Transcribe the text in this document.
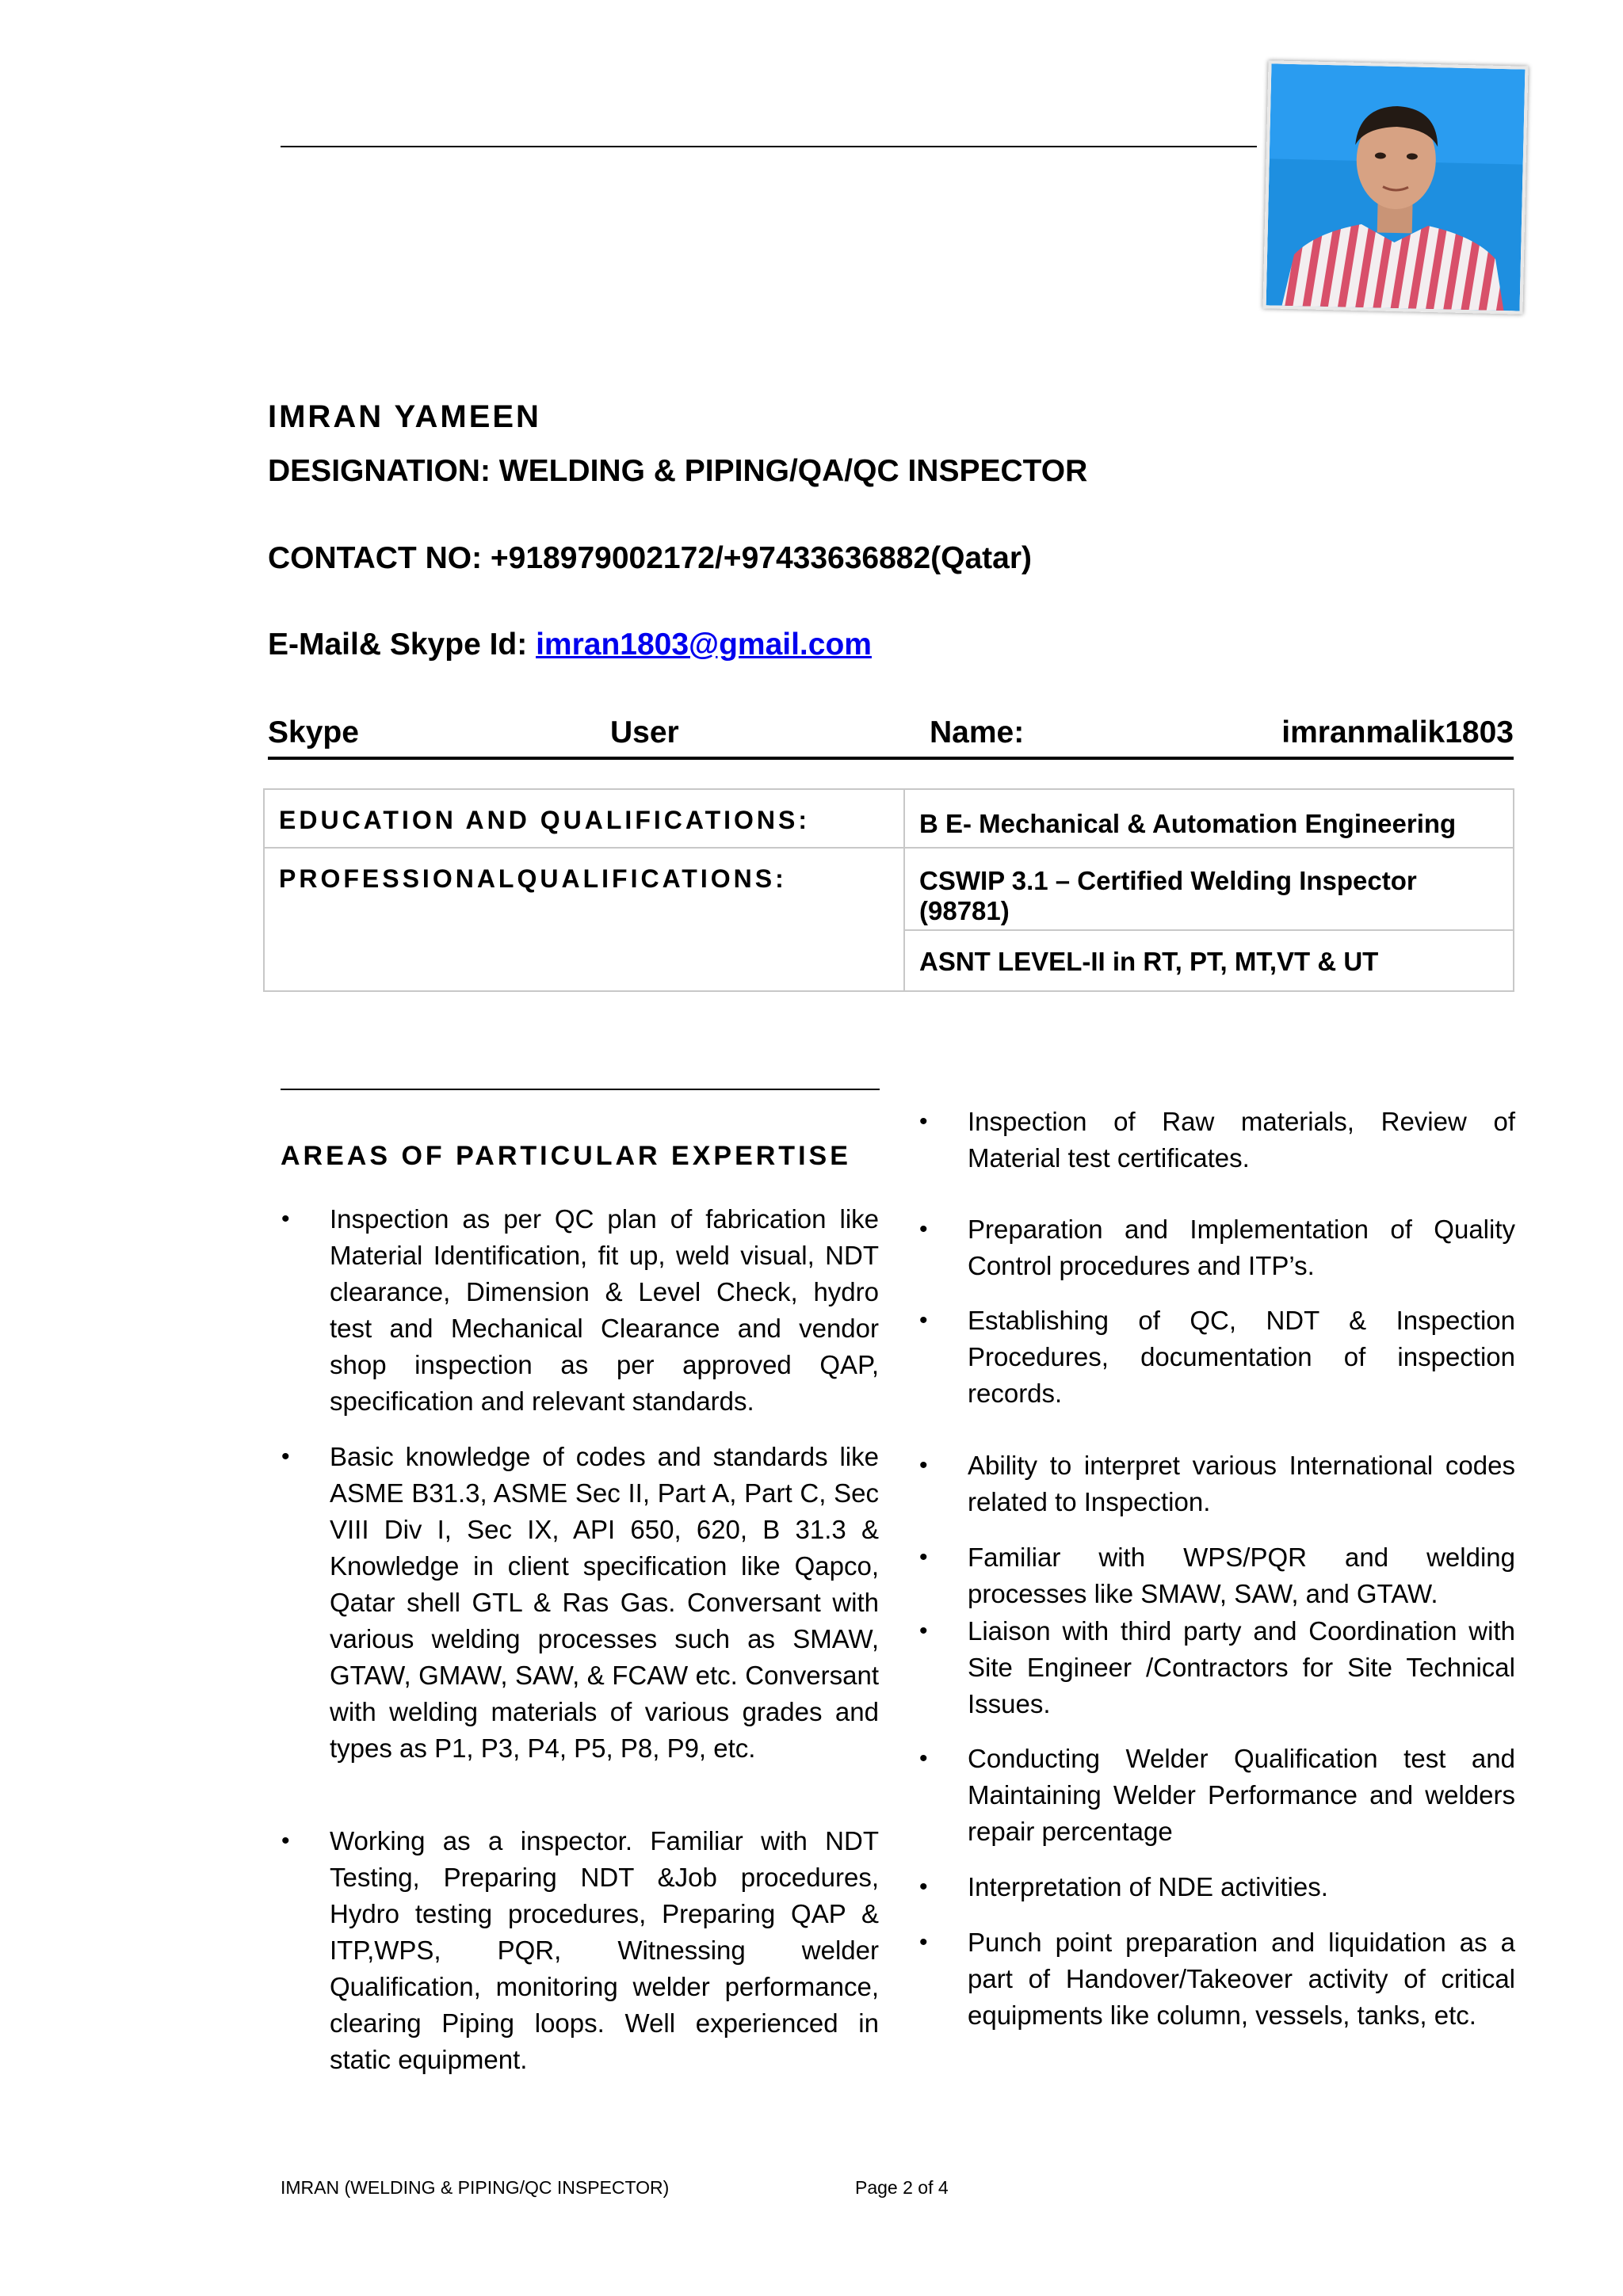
IMRAN YAMEEN
DESIGNATION: WELDING & PIPING/QA/QC INSPECTOR
CONTACT NO: +918979002172/+97433636882(Qatar)
E-Mail& Skype Id: imran1803@gmail.com
Skype	User	Name:	imranmalik1803
EDUCATION AND QUALIFICATIONS:	B E- Mechanical & Automation Engineering
PROFESSIONALQUALIFICATIONS:	CSWIP 3.1 – Certified Welding Inspector (98781)
	ASNT LEVEL-II in RT, PT, MT,VT & UT
AREAS OF PARTICULAR EXPERTISE

• Inspection as per QC plan of fabrication like Material Identification, fit up, weld visual, NDT clearance, Dimension & Level Check, hydro test and Mechanical Clearance and vendor shop inspection as per approved QAP, specification and relevant standards.

• Basic knowledge of codes and standards like ASME B31.3, ASME Sec II, Part A, Part C, Sec VIII Div I, Sec IX, API 650, 620, B 31.3 & Knowledge in client specification like Qapco, Qatar shell GTL & Ras Gas. Conversant with various welding processes such as SMAW, GTAW, GMAW, SAW, & FCAW etc. Conversant with welding materials of various grades and types as P1, P3, P4, P5, P8, P9, etc.

• Working as a inspector. Familiar with NDT Testing, Preparing NDT &Job procedures, Hydro testing procedures, Preparing QAP & ITP,WPS, PQR, Witnessing welder Qualification, monitoring welder performance, clearing Piping loops. Well experienced in static equipment.

• Inspection of Raw materials, Review of Material test certificates.

• Preparation and Implementation of Quality Control procedures and ITP’s.

• Establishing of QC, NDT & Inspection Procedures, documentation of inspection records.

• Ability to interpret various International codes related to Inspection.

• Familiar with WPS/PQR and welding processes like SMAW, SAW, and GTAW.

• Liaison with third party and Coordination with Site Engineer /Contractors for Site Technical Issues.

• Conducting Welder Qualification test and Maintaining Welder Performance and welders repair percentage

• Interpretation of NDE activities.

• Punch point preparation and liquidation as a part of Handover/Takeover activity of critical equipments like column, vessels, tanks, etc.

IMRAN (WELDING & PIPING/QC INSPECTOR)	Page 2 of 4
